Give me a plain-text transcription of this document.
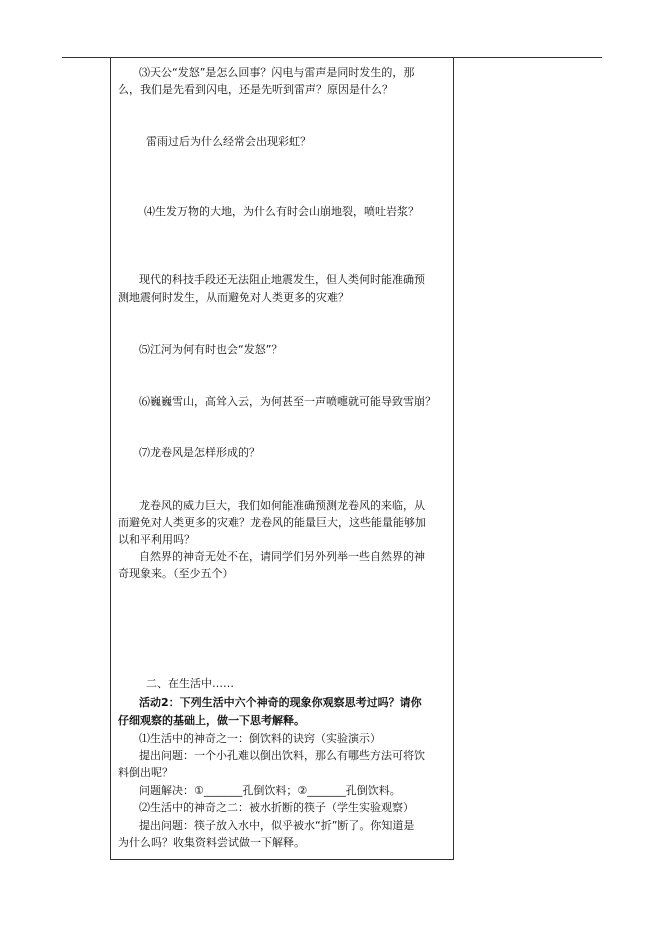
⑶天公“发怒”是怎么回事？闪电与雷声是同时发生的，那

么，我们是先看到闪电，还是先听到雷声？原因是什么？

雷雨过后为什么经常会出现彩虹？

⑷生发万物的大地，为什么有时会山崩地裂，喷吐岩浆？

现代的科技手段还无法阻止地震发生，但人类何时能准确预

测地震何时发生，从而避免对人类更多的灾难？

⑸江河为何有时也会“发怒”？

⑹巍巍雪山，高耸入云，为何甚至一声喷嚏就可能导致雪崩？

⑺龙卷风是怎样形成的？

龙卷风的威力巨大，我们如何能准确预测龙卷风的来临，从

而避免对人类更多的灾难？龙卷风的能量巨大，这些能量能够加

以和平利用吗？

自然界的神奇无处不在，请同学们另外列举一些自然界的神

奇现象来。（至少五个）

二、在生活中……

活动2：下列生活中六个神奇的现象你观察思考过吗？请你

仔细观察的基础上，做一下思考解释。

⑴生活中的神奇之一：倒饮料的诀窍（实验演示）

提出问题：一个小孔难以倒出饮料，那么有哪些方法可将饮

料倒出呢？

问题解决：①_______孔倒饮料；②_______孔倒饮料。

⑵生活中的神奇之二：被水折断的筷子（学生实验观察）

提出问题：筷子放入水中，似乎被水“折”断了。你知道是

为什么吗？收集资料尝试做一下解释。
